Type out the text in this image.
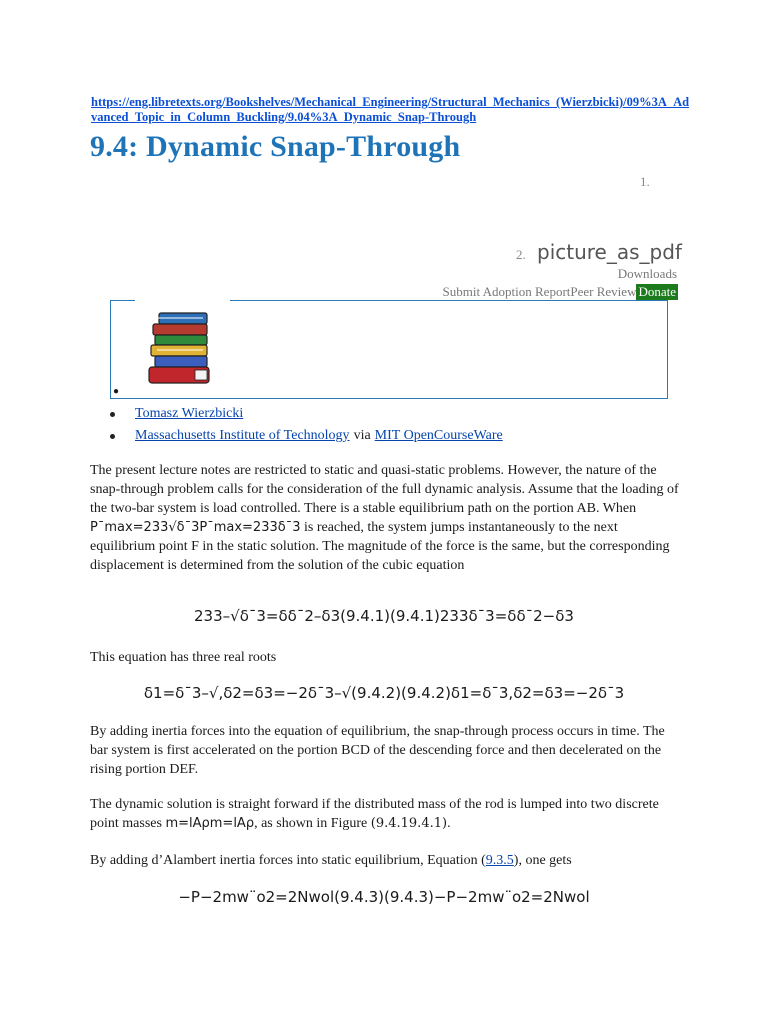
https://eng.libretexts.org/Bookshelves/Mechanical_Engineering/Structural_Mechanics_(Wierzbicki)/09%3A_Advanced_Topic_in_Column_Buckling/9.04%3A_Dynamic_Snap-Through
9.4: Dynamic Snap-Through
1.
2. picture_as_pdf
Downloads
Submit Adoption Report Peer Review Donate
●
Tomasz Wierzbicki
Massachusetts Institute of Technology via MIT OpenCourseWare
The present lecture notes are restricted to static and quasi-static problems. However, the nature of the snap-through problem calls for the consideration of the full dynamic analysis. Assume that the loading of the two-bar system is load controlled. There is a stable equilibrium path on the portion AB. When P¯max=233√δ¯3P¯max=233δ¯3 is reached, the system jumps instantaneously to the next equilibrium point F in the static solution. The magnitude of the force is the same, but the corresponding displacement is determined from the solution of the cubic equation
233–√δ¯3=δδ¯2–δ3(9.4.1)(9.4.1)233δ¯3=δδ¯2−δ3
This equation has three real roots
δ1=δ¯3–√,δ2=δ3=−2δ¯3–√(9.4.2)(9.4.2)δ1=δ¯3,δ2=δ3=−2δ¯3
By adding inertia forces into the equation of equilibrium, the snap-through process occurs in time. The bar system is first accelerated on the portion BCD of the descending force and then decelerated on the rising portion DEF.
The dynamic solution is straight forward if the distributed mass of the rod is lumped into two discrete point masses m=lAρm=lAρ, as shown in Figure (9.4.19.4.1).
By adding d’Alambert inertia forces into static equilibrium, Equation (9.3.5), one gets
−P−2mw¨o2=2Nwol(9.4.3)(9.4.3)−P−2mw¨o2=2Nwol
